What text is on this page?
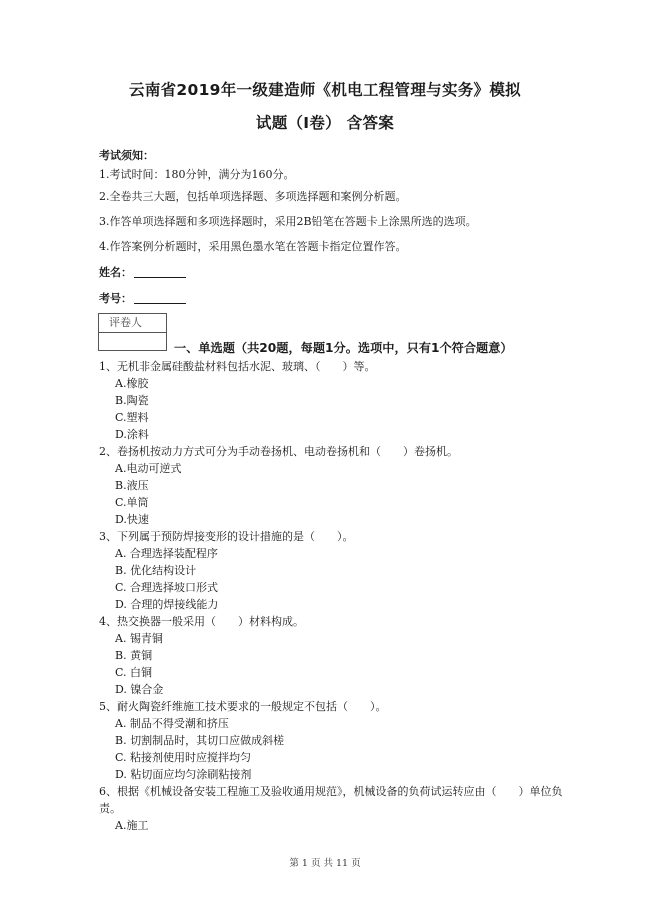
云南省2019年一级建造师《机电工程管理与实务》模拟
试题（I卷） 含答案
考试须知：
1.考试时间：180分钟，满分为160分。
2.全卷共三大题，包括单项选择题、多项选择题和案例分析题。
3.作答单项选择题和多项选择题时，采用2B铅笔在答题卡上涂黑所选的选项。
4.作答案例分析题时，采用黑色墨水笔在答题卡指定位置作答。
姓名：
考号：
评卷人
一、单选题（共20题，每题1分。选项中，只有1个符合题意）

1、无机非金属硅酸盐材料包括水泥、玻璃、（　　）等。

A.橡胶

B.陶瓷

C.塑料

D.涂料

2、卷扬机按动力方式可分为手动卷扬机、电动卷扬机和（　　）卷扬机。

A.电动可逆式

B.液压

C.单筒

D.快速

3、下列属于预防焊接变形的设计措施的是（　　）。

A. 合理选择装配程序

B. 优化结构设计

C. 合理选择坡口形式

D. 合理的焊接线能力

4、热交换器一般采用（　　）材料构成。

A. 锡青铜

B. 黄铜

C. 白铜

D. 镍合金

5、耐火陶瓷纤维施工技术要求的一般规定不包括（　　）。

A. 制品不得受潮和挤压

B. 切割制品时，其切口应做成斜槎

C. 粘接剂使用时应搅拌均匀

D. 粘切面应均匀涂刷粘接剂

6、根据《机械设备安装工程施工及验收通用规范》，机械设备的负荷试运转应由（　　）单位负责。

A.施工

第 1 页 共 11 页
